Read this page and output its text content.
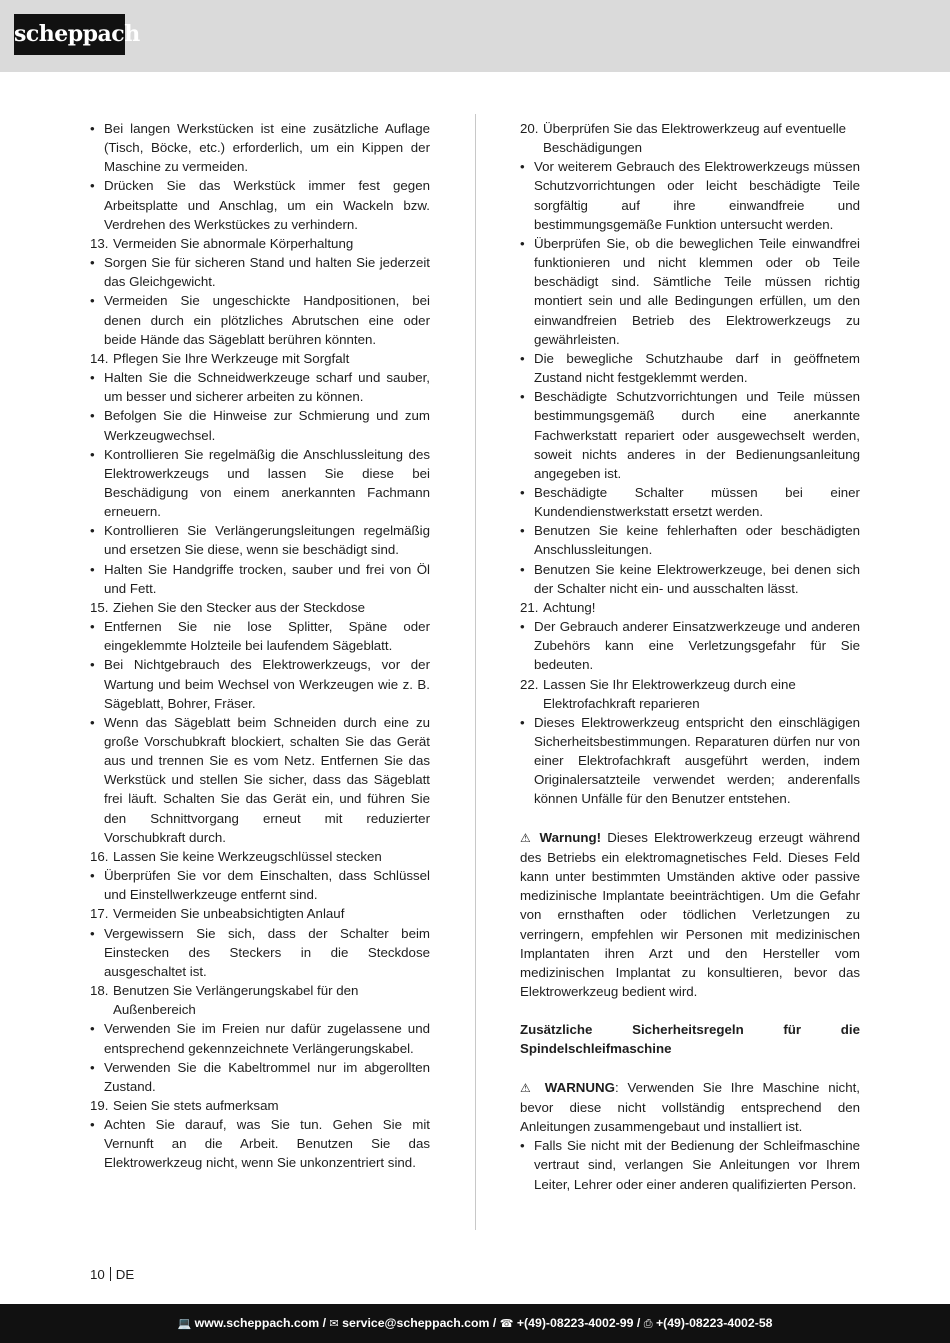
scheppach
• Bei langen Werkstücken ist eine zusätzliche Auflage (Tisch, Böcke, etc.) erforderlich, um ein Kippen der Maschine zu vermeiden.
• Drücken Sie das Werkstück immer fest gegen Arbeitsplatte und Anschlag, um ein Wackeln bzw. Verdrehen des Werkstückes zu verhindern.
13. Vermeiden Sie abnormale Körperhaltung
• Sorgen Sie für sicheren Stand und halten Sie jederzeit das Gleichgewicht.
• Vermeiden Sie ungeschickte Handpositionen, bei denen durch ein plötzliches Abrutschen eine oder beide Hände das Sägeblatt berühren könnten.
14. Pflegen Sie Ihre Werkzeuge mit Sorgfalt
• Halten Sie die Schneidwerkzeuge scharf und sauber, um besser und sicherer arbeiten zu können.
• Befolgen Sie die Hinweise zur Schmierung und zum Werkzeugwechsel.
• Kontrollieren Sie regelmäßig die Anschlussleitung des Elektrowerkzeugs und lassen Sie diese bei Beschädigung von einem anerkannten Fachmann erneuern.
• Kontrollieren Sie Verlängerungsleitungen regelmäßig und ersetzen Sie diese, wenn sie beschädigt sind.
• Halten Sie Handgriffe trocken, sauber und frei von Öl und Fett.
15. Ziehen Sie den Stecker aus der Steckdose
• Entfernen Sie nie lose Splitter, Späne oder eingeklemmte Holzteile bei laufendem Sägeblatt.
• Bei Nichtgebrauch des Elektrowerkzeugs, vor der Wartung und beim Wechsel von Werkzeugen wie z. B. Sägeblatt, Bohrer, Fräser.
• Wenn das Sägeblatt beim Schneiden durch eine zu große Vorschubkraft blockiert, schalten Sie das Gerät aus und trennen Sie es vom Netz. Entfernen Sie das Werkstück und stellen Sie sicher, dass das Sägeblatt frei läuft. Schalten Sie das Gerät ein, und führen Sie den Schnittvorgang erneut mit reduzierter Vorschubkraft durch.
16. Lassen Sie keine Werkzeugschlüssel stecken
• Überprüfen Sie vor dem Einschalten, dass Schlüssel und Einstellwerkzeuge entfernt sind.
17. Vermeiden Sie unbeabsichtigten Anlauf
• Vergewissern Sie sich, dass der Schalter beim Einstecken des Steckers in die Steckdose ausgeschaltet ist.
18. Benutzen Sie Verlängerungskabel für den Außenbereich
• Verwenden Sie im Freien nur dafür zugelassene und entsprechend gekennzeichnete Verlängerungskabel.
• Verwenden Sie die Kabeltrommel nur im abgerollten Zustand.
19. Seien Sie stets aufmerksam
• Achten Sie darauf, was Sie tun. Gehen Sie mit Vernunft an die Arbeit. Benutzen Sie das Elektrowerkzeug nicht, wenn Sie unkonzentriert sind.
20. Überprüfen Sie das Elektrowerkzeug auf eventuelle Beschädigungen
• Vor weiterem Gebrauch des Elektrowerkzeugs müssen Schutzvorrichtungen oder leicht beschädigte Teile sorgfältig auf ihre einwandfreie und bestimmungsgemäße Funktion untersucht werden.
• Überprüfen Sie, ob die beweglichen Teile einwandfrei funktionieren und nicht klemmen oder ob Teile beschädigt sind. Sämtliche Teile müssen richtig montiert sein und alle Bedingungen erfüllen, um den einwandfreien Betrieb des Elektrowerkzeugs zu gewährleisten.
• Die bewegliche Schutzhaube darf in geöffnetem Zustand nicht festgeklemmt werden.
• Beschädigte Schutzvorrichtungen und Teile müssen bestimmungsgemäß durch eine anerkannte Fachwerkstatt repariert oder ausgewechselt werden, soweit nichts anderes in der Bedienungsanleitung angegeben ist.
• Beschädigte Schalter müssen bei einer Kundendienstwerkstatt ersetzt werden.
• Benutzen Sie keine fehlerhaften oder beschädigten Anschlussleitungen.
• Benutzen Sie keine Elektrowerkzeuge, bei denen sich der Schalter nicht ein- und ausschalten lässt.
21. Achtung!
• Der Gebrauch anderer Einsatzwerkzeuge und anderen Zubehörs kann eine Verletzungsgefahr für Sie bedeuten.
22. Lassen Sie Ihr Elektrowerkzeug durch eine Elektrofachkraft reparieren
• Dieses Elektrowerkzeug entspricht den einschlägigen Sicherheitsbestimmungen. Reparaturen dürfen nur von einer Elektrofachkraft ausgeführt werden, indem Originalersatzteile verwendet werden; anderenfalls können Unfälle für den Benutzer entstehen.
⚠ Warnung! Dieses Elektrowerkzeug erzeugt während des Betriebs ein elektromagnetisches Feld. Dieses Feld kann unter bestimmten Umständen aktive oder passive medizinische Implantate beeinträchtigen. Um die Gefahr von ernsthaften oder tödlichen Verletzungen zu verringern, empfehlen wir Personen mit medizinischen Implantaten ihren Arzt und den Hersteller vom medizinischen Implantat zu konsultieren, bevor das Elektrowerkzeug bedient wird.
Zusätzliche Sicherheitsregeln für die Spindelschleifmaschine
⚠ WARNUNG: Verwenden Sie Ihre Maschine nicht, bevor diese nicht vollständig entsprechend den Anleitungen zusammengebaut und installiert ist.
• Falls Sie nicht mit der Bedienung der Schleifmaschine vertraut sind, verlangen Sie Anleitungen vor Ihrem Leiter, Lehrer oder einer anderen qualifizierten Person.
10 DE
💻 www.scheppach.com / ✉ service@scheppach.com / ☎ +(49)-08223-4002-99 / ⎙ +(49)-08223-4002-58
